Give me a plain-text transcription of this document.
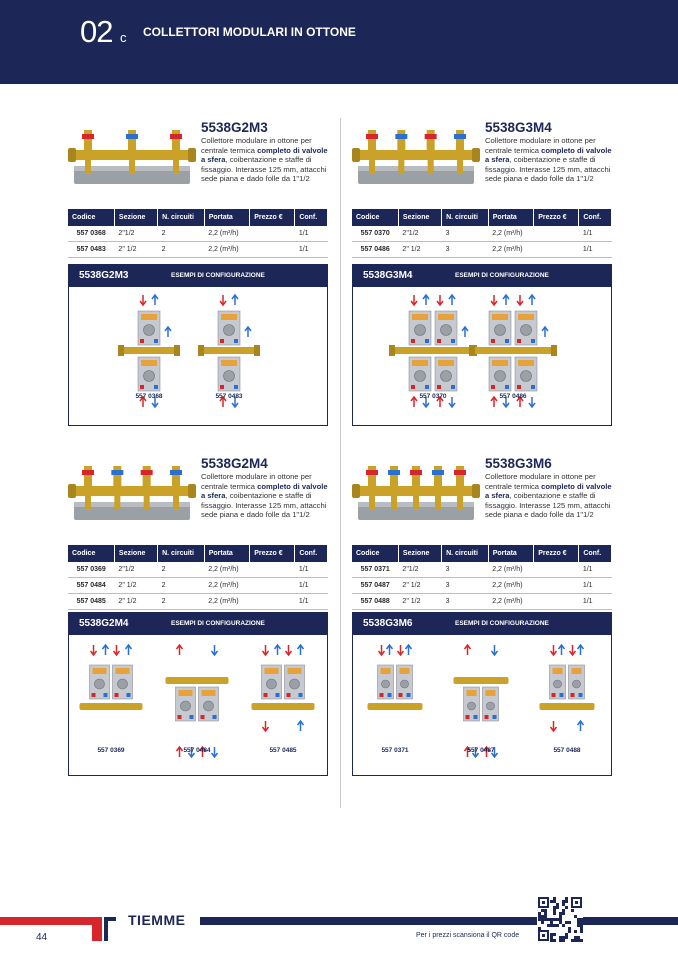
02 c COLLETTORI MODULARI IN OTTONE
5538G2M3
Collettore modulare in ottone per centrale termica completo di valvole a sfera, coibentazione e staffe di fissaggio. Interasse 125 mm, attacchi sede piana e dado folle da 1"1/2
Codice	Sezione	N. circuiti	Portata	Prezzo €	Conf.
557 0368	2"1/2	2	2,2 (m³/h)		1/1
557 0483	2" 1/2	2	2,2 (m³/h)		1/1
5538G2M3	ESEMPI DI CONFIGURAZIONE
557 0368	557 0483
5538G3M4
Collettore modulare in ottone per centrale termica completo di valvole a sfera, coibentazione e staffe di fissaggio. Interasse 125 mm, attacchi sede piana e dado folle da 1"1/2
Codice	Sezione	N. circuiti	Portata	Prezzo €	Conf.
557 0370	2"1/2	3	2,2 (m³/h)		1/1
557 0486	2" 1/2	3	2,2 (m³/h)		1/1
5538G3M4	ESEMPI DI CONFIGURAZIONE
557 0370	557 0486
5538G2M4
Collettore modulare in ottone per centrale termica completo di valvole a sfera, coibentazione e staffe di fissaggio. Interasse 125 mm, attacchi sede piana e dado folle da 1"1/2
Codice	Sezione	N. circuiti	Portata	Prezzo €	Conf.
557 0369	2"1/2	2	2,2 (m³/h)		1/1
557 0484	2" 1/2	2	2,2 (m³/h)		1/1
557 0485	2" 1/2	2	2,2 (m³/h)		1/1
5538G2M4	ESEMPI DI CONFIGURAZIONE
557 0369	557 0484	557 0485
5538G3M6
Collettore modulare in ottone per centrale termica completo di valvole a sfera, coibentazione e staffe di fissaggio. Interasse 125 mm, attacchi sede piana e dado folle da 1"1/2
Codice	Sezione	N. circuiti	Portata	Prezzo €	Conf.
557 0371	2"1/2	3	2,2 (m³/h)		1/1
557 0487	2" 1/2	3	2,2 (m³/h)		1/1
557 0488	2" 1/2	3	2,2 (m³/h)		1/1
5538G3M6	ESEMPI DI CONFIGURAZIONE
557 0371	557 0487	557 0488
44
TIEMME
Per i prezzi scansiona il QR code
